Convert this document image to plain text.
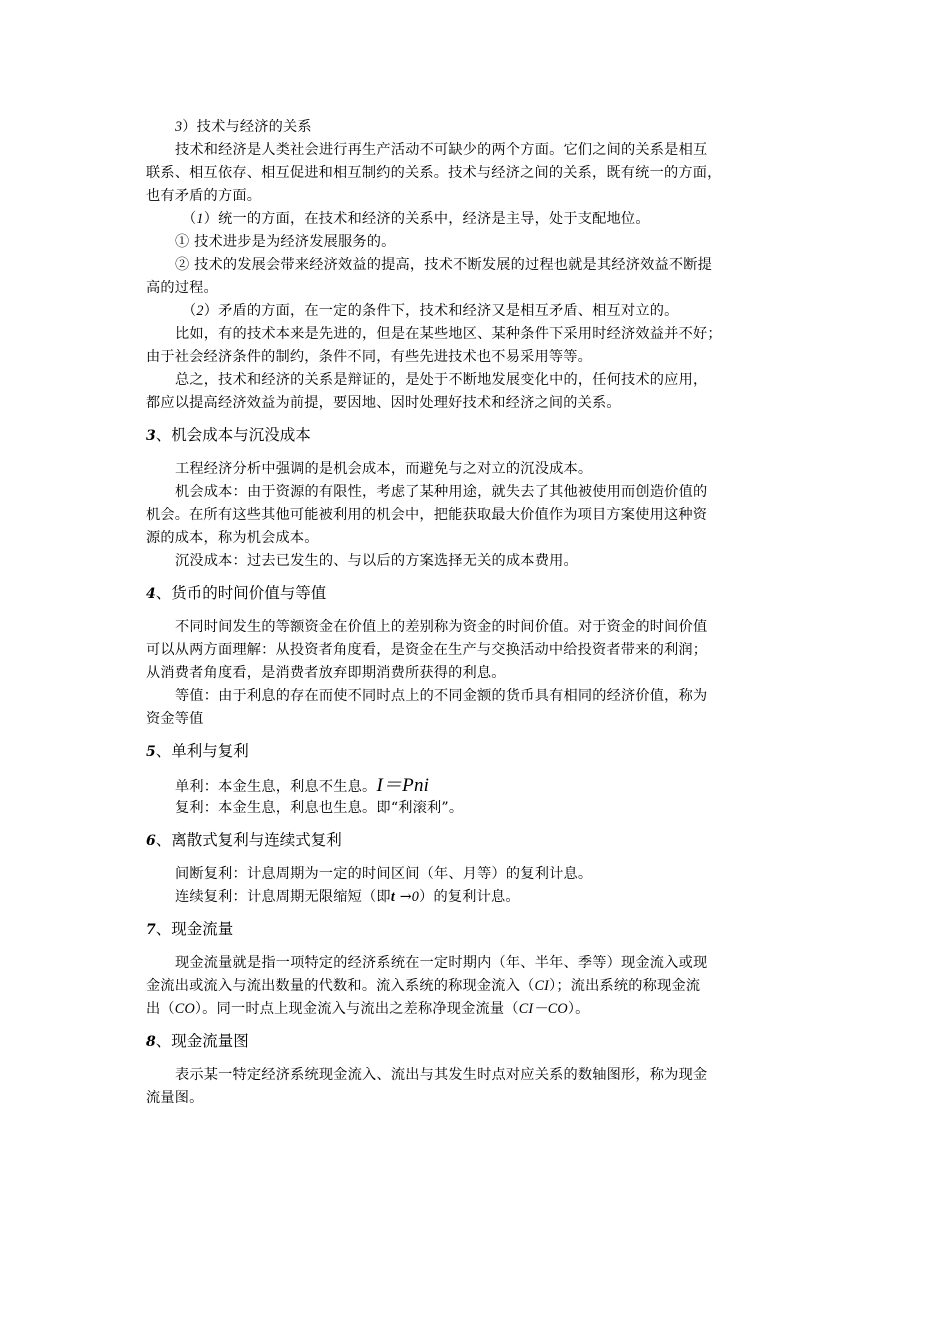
3）技术与经济的关系
技术和经济是人类社会进行再生产活动不可缺少的两个方面。它们之间的关系是相互
联系、相互依存、相互促进和相互制约的关系。技术与经济之间的关系，既有统一的方面，
也有矛盾的方面。
（1）统一的方面，在技术和经济的关系中，经济是主导，处于支配地位。
① 技术进步是为经济发展服务的。
② 技术的发展会带来经济效益的提高，技术不断发展的过程也就是其经济效益不断提
高的过程。
（2）矛盾的方面，在一定的条件下，技术和经济又是相互矛盾、相互对立的。
比如，有的技术本来是先进的，但是在某些地区、某种条件下采用时经济效益并不好；
由于社会经济条件的制约，条件不同，有些先进技术也不易采用等等。
总之，技术和经济的关系是辩证的，是处于不断地发展变化中的，任何技术的应用，
都应以提高经济效益为前提，要因地、因时处理好技术和经济之间的关系。
3、机会成本与沉没成本
工程经济分析中强调的是机会成本，而避免与之对立的沉没成本。
机会成本：由于资源的有限性，考虑了某种用途，就失去了其他被使用而创造价值的
机会。在所有这些其他可能被利用的机会中，把能获取最大价值作为项目方案使用这种资
源的成本，称为机会成本。
沉没成本：过去已发生的、与以后的方案选择无关的成本费用。
4、货币的时间价值与等值
不同时间发生的等额资金在价值上的差别称为资金的时间价值。对于资金的时间价值
可以从两方面理解：从投资者角度看，是资金在生产与交换活动中给投资者带来的利润；
从消费者角度看，是消费者放弃即期消费所获得的利息。
等值：由于利息的存在而使不同时点上的不同金额的货币具有相同的经济价值，称为
资金等值
5、单利与复利
单利：本金生息，利息不生息。I＝Pni
复利：本金生息，利息也生息。即“利滚利”。
6、离散式复利与连续式复利
间断复利：计息周期为一定的时间区间（年、月等）的复利计息。
连续复利：计息周期无限缩短（即t →0）的复利计息。
7、现金流量
现金流量就是指一项特定的经济系统在一定时期内（年、半年、季等）现金流入或现
金流出或流入与流出数量的代数和。流入系统的称现金流入（CI）；流出系统的称现金流
出（CO）。同一时点上现金流入与流出之差称净现金流量（CI－CO）。
8、现金流量图
表示某一特定经济系统现金流入、流出与其发生时点对应关系的数轴图形，称为现金
流量图。
